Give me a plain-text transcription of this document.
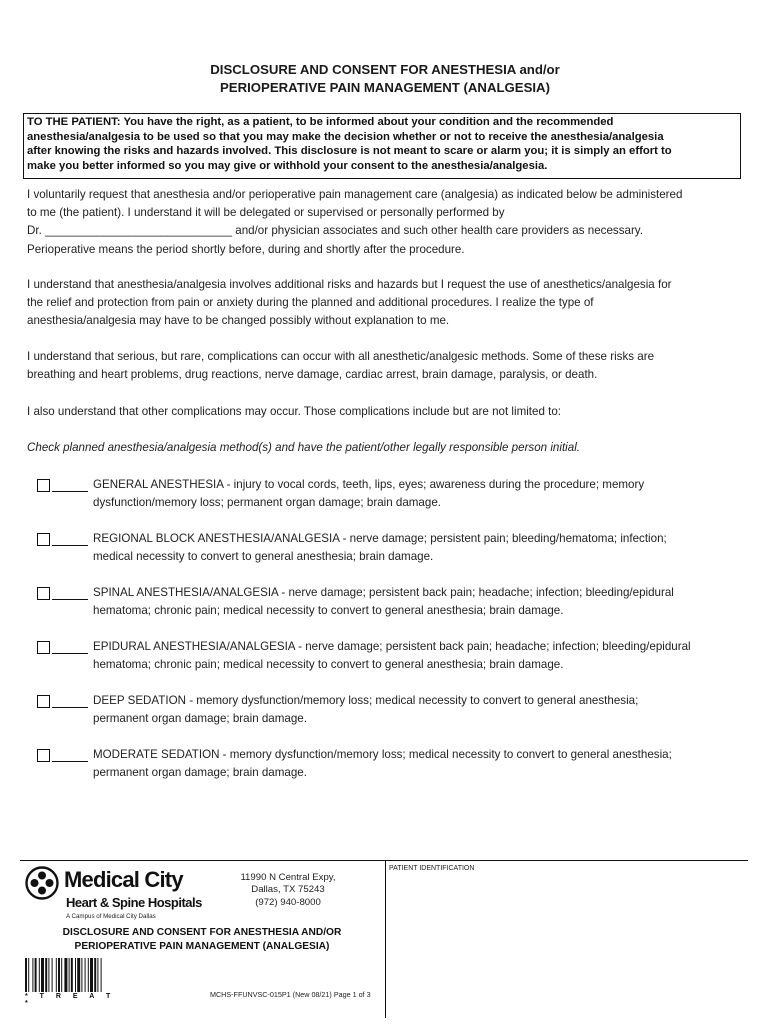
DISCLOSURE AND CONSENT FOR ANESTHESIA and/or
PERIOPERATIVE PAIN MANAGEMENT (ANALGESIA)
TO THE PATIENT: You have the right, as a patient, to be informed about your condition and the recommended
anesthesia/analgesia to be used so that you may make the decision whether or not to receive the anesthesia/analgesia
after knowing the risks and hazards involved. This disclosure is not meant to scare or alarm you; it is simply an effort to
make you better informed so you may give or withhold your consent to the anesthesia/analgesia.
I voluntarily request that anesthesia and/or perioperative pain management care (analgesia) as indicated below be administered
to me (the patient). I understand it will be delegated or supervised or personally performed by
Dr. _____________________________ and/or physician associates and such other health care providers as necessary.
Perioperative means the period shortly before, during and shortly after the procedure.
I understand that anesthesia/analgesia involves additional risks and hazards but I request the use of anesthetics/analgesia for
the relief and protection from pain or anxiety during the planned and additional procedures. I realize the type of
anesthesia/analgesia may have to be changed possibly without explanation to me.
I understand that serious, but rare, complications can occur with all anesthetic/analgesic methods. Some of these risks are
breathing and heart problems, drug reactions, nerve damage, cardiac arrest, brain damage, paralysis, or death.
I also understand that other complications may occur. Those complications include but are not limited to:
Check planned anesthesia/analgesia method(s) and have the patient/other legally responsible person initial.
GENERAL ANESTHESIA - injury to vocal cords, teeth, lips, eyes; awareness during the procedure; memory
dysfunction/memory loss; permanent organ damage; brain damage.
REGIONAL BLOCK ANESTHESIA/ANALGESIA - nerve damage; persistent pain; bleeding/hematoma; infection;
medical necessity to convert to general anesthesia; brain damage.
SPINAL ANESTHESIA/ANALGESIA - nerve damage; persistent back pain; headache; infection; bleeding/epidural
hematoma; chronic pain; medical necessity to convert to general anesthesia; brain damage.
EPIDURAL ANESTHESIA/ANALGESIA - nerve damage; persistent back pain; headache; infection; bleeding/epidural
hematoma; chronic pain; medical necessity to convert to general anesthesia; brain damage.
DEEP SEDATION - memory dysfunction/memory loss; medical necessity to convert to general anesthesia;
permanent organ damage; brain damage.
MODERATE SEDATION - memory dysfunction/memory loss; medical necessity to convert to general anesthesia;
permanent organ damage; brain damage.
PATIENT IDENTIFICATION
Medical City
Heart & Spine Hospitals
A Campus of Medical City Dallas
11990 N Central Expy,
Dallas, TX 75243
(972) 940-8000
DISCLOSURE AND CONSENT FOR ANESTHESIA AND/OR
PERIOPERATIVE PAIN MANAGEMENT (ANALGESIA)
* T R E A T *
MCHS-FFUNVSC-015P1 (New 08/21) Page 1 of 3
